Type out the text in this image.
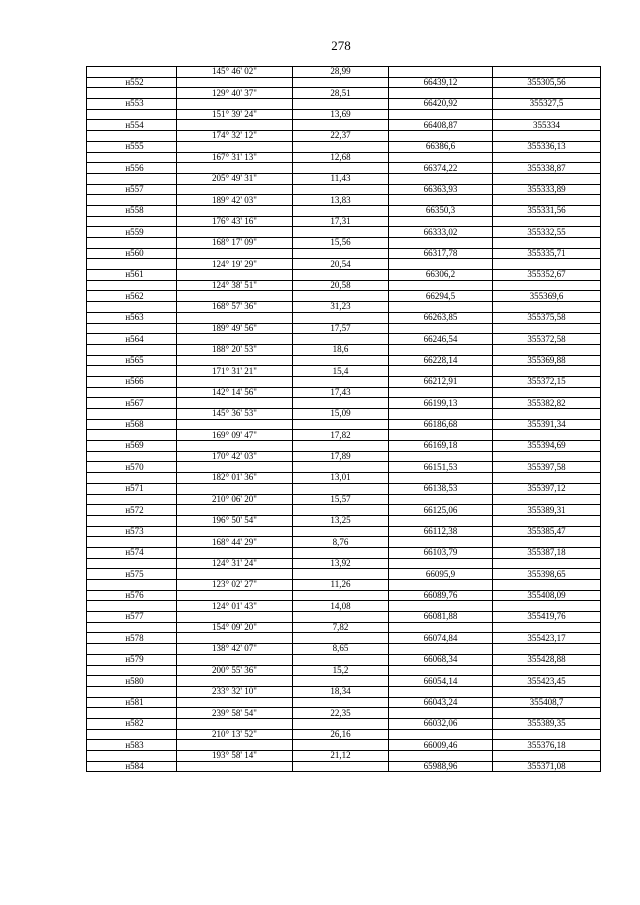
278
	145° 46' 02"	28,99		
н552			66439,12	355305,56
	129° 40' 37"	28,51		
н553			66420,92	355327,5
	151° 39' 24"	13,69		
н554			66408,87	355334
	174° 32' 12"	22,37		
н555			66386,6	355336,13
	167° 31' 13"	12,68		
н556			66374,22	355338,87
	205° 49' 31"	11,43		
н557			66363,93	355333,89
	189° 42' 03"	13,83		
н558			66350,3	355331,56
	176° 43' 16"	17,31		
н559			66333,02	355332,55
	168° 17' 09"	15,56		
н560			66317,78	355335,71
	124° 19' 29"	20,54		
н561			66306,2	355352,67
	124° 38' 51"	20,58		
н562			66294,5	355369,6
	168° 57' 36"	31,23		
н563			66263,85	355375,58
	189° 49' 56"	17,57		
н564			66246,54	355372,58
	188° 20' 53"	18,6		
н565			66228,14	355369,88
	171° 31' 21"	15,4		
н566			66212,91	355372,15
	142° 14' 56"	17,43		
н567			66199,13	355382,82
	145° 36' 53"	15,09		
н568			66186,68	355391,34
	169° 09' 47"	17,82		
н569			66169,18	355394,69
	170° 42' 03"	17,89		
н570			66151,53	355397,58
	182° 01' 36"	13,01		
н571			66138,53	355397,12
	210° 06' 20"	15,57		
н572			66125,06	355389,31
	196° 50' 54"	13,25		
н573			66112,38	355385,47
	168° 44' 29"	8,76		
н574			66103,79	355387,18
	124° 31' 24"	13,92		
н575			66095,9	355398,65
	123° 02' 27"	11,26		
н576			66089,76	355408,09
	124° 01' 43"	14,08		
н577			66081,88	355419,76
	154° 09' 20"	7,82		
н578			66074,84	355423,17
	138° 42' 07"	8,65		
н579			66068,34	355428,88
	200° 55' 36"	15,2		
н580			66054,14	355423,45
	233° 32' 10"	18,34		
н581			66043,24	355408,7
	239° 58' 54"	22,35		
н582			66032,06	355389,35
	210° 13' 52"	26,16		
н583			66009,46	355376,18
	193° 58' 14"	21,12		
н584			65988,96	355371,08
